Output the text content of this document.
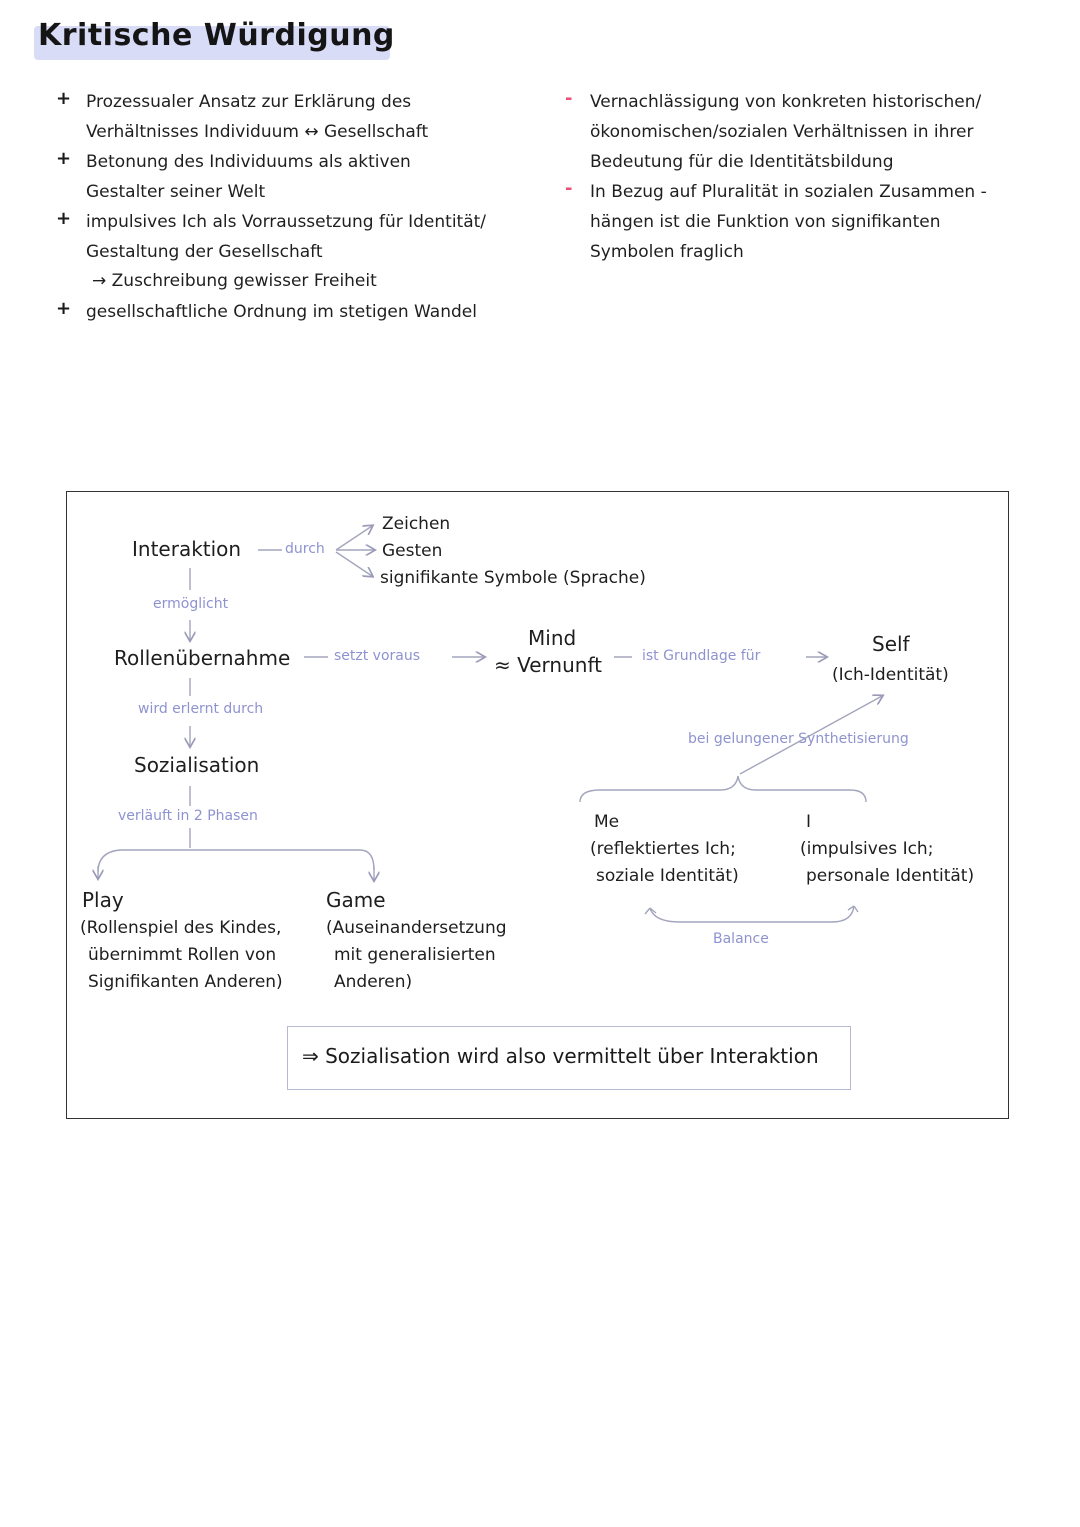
Kritische Würdigung
+ Prozessualer Ansatz zur Erklärung des
Verhältnisses Individuum ↔ Gesellschaft
+ Betonung des Individuums als aktiven
Gestalter seiner Welt
+ impulsives Ich als Vorraussetzung für Identität/
Gestaltung der Gesellschaft
→ Zuschreibung gewisser Freiheit
+ gesellschaftliche Ordnung im stetigen Wandel
- Vernachlässigung von konkreten historischen/
ökonomischen/sozialen Verhältnissen in ihrer
Bedeutung für die Identitätsbildung
- In Bezug auf Pluralität in sozialen Zusammen -
hängen ist die Funktion von signifikanten
Symbolen fraglich
Interaktion	durch
Zeichen
Gesten
signifikante Symbole (Sprache)
ermöglicht
Rollenübernahme	setzt voraus
Mind
≈ Vernunft	ist Grundlage für	Self
(Ich-Identität)
wird erlernt durch
bei gelungener Synthetisierung
Sozialisation
verläuft in 2 Phasen	Me
(reflektiertes Ich;
soziale Identität)
I
(impulsives Ich;
personale Identität)
Balance
Play
(Rollenspiel des Kindes,
übernimmt Rollen von
Signifikanten Anderen)
Game
(Auseinandersetzung
mit generalisierten
Anderen)
⇒ Sozialisation wird also vermittelt über Interaktion
